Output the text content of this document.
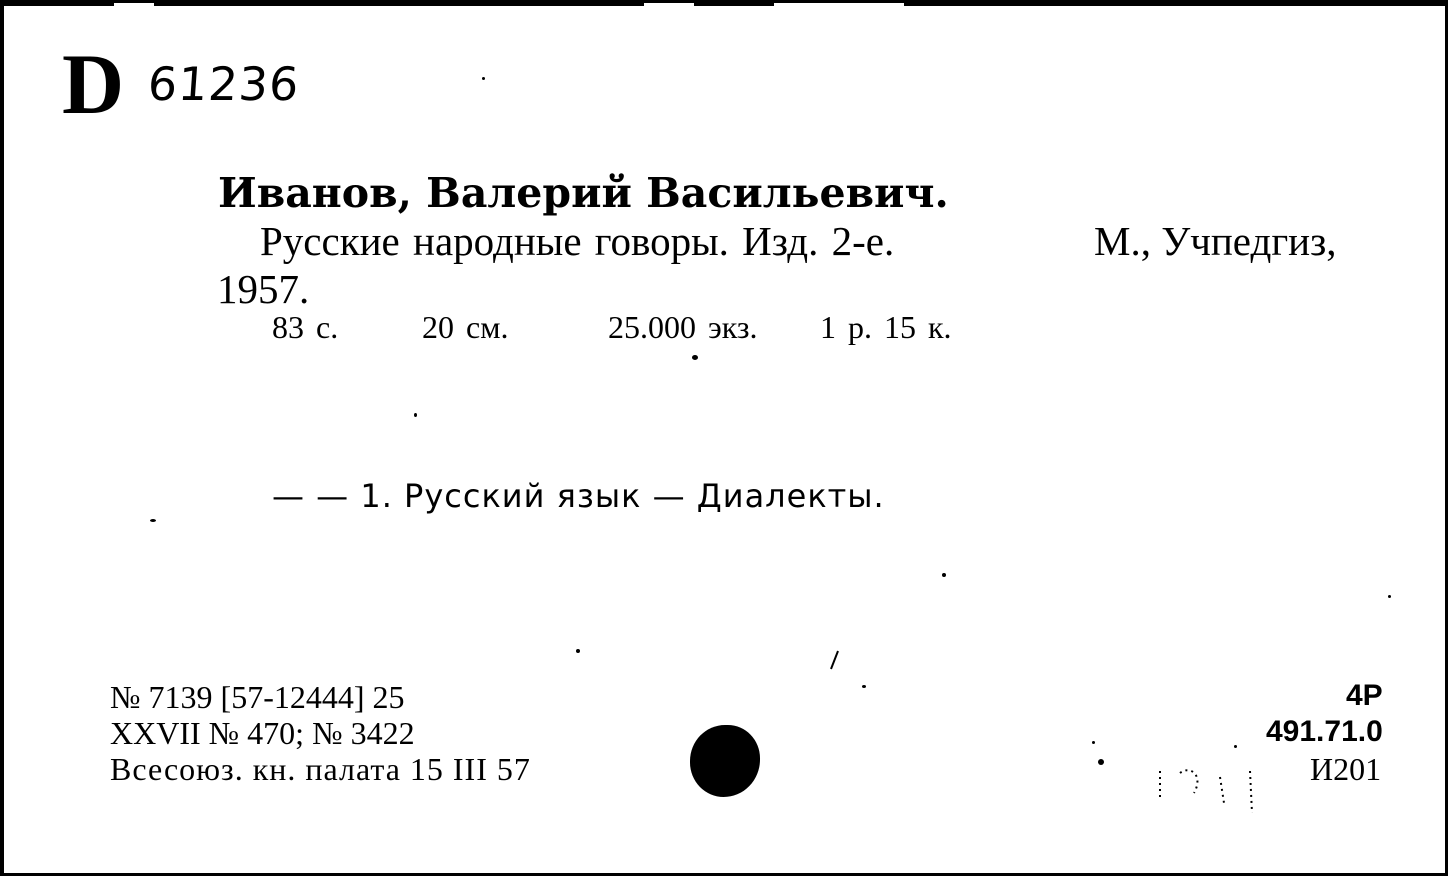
D 61236
Иванов, Валерий Васильевич.
Русские народные говоры. Изд. 2-е.	М., Учпедгиз,
1957.
83 с.	20 см.	25.000 экз. 1 р. 15 к.
— — 1. Русский язык — Диалекты.
№ 7139 [57-12444] 25
XXVII № 470; № 3422
Всесоюз. кн. палата 15 III 57
4Р
491.71.0
И201
